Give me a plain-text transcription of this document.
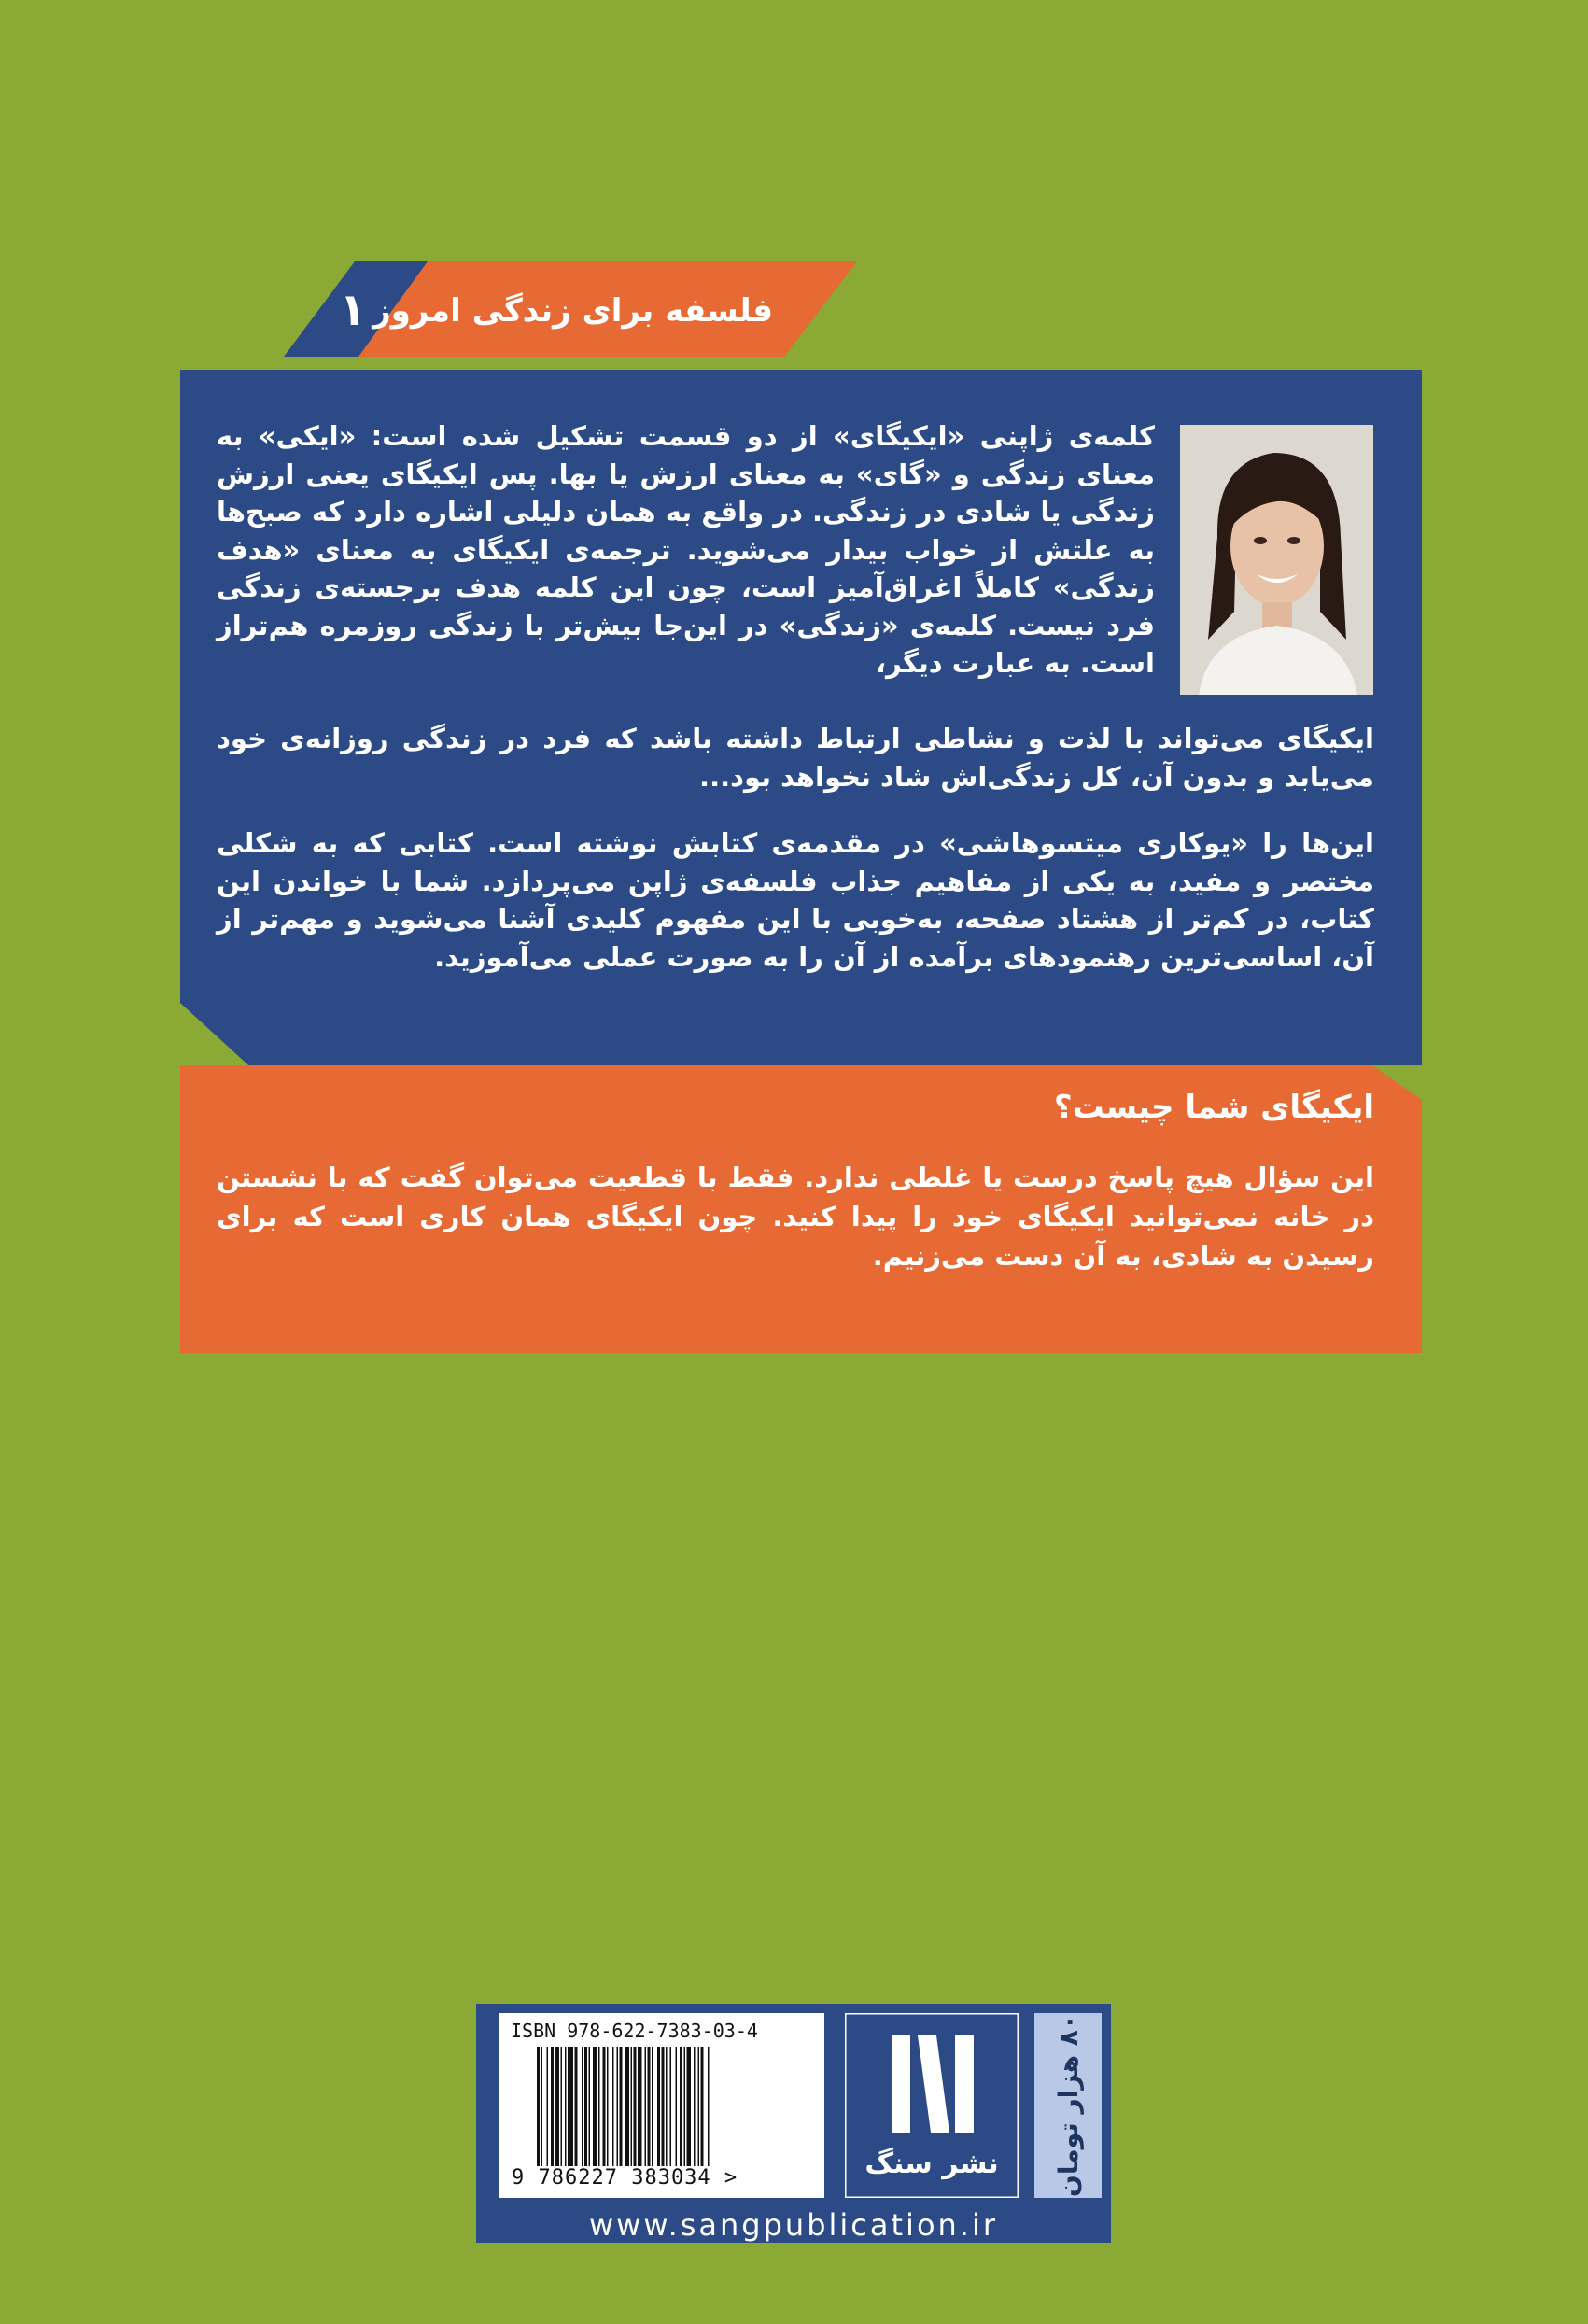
۱ فلسفه برای زندگی امروز
کلمه‌ی ژاپنی «ایکیگای» از دو قسمت تشکیل شده است: «ایکی» به معنای زندگی و «گای» به معنای ارزش یا بها. پس ایکیگای یعنی ارزش زندگی یا شادی در زندگی. در واقع به همان دلیلی اشاره دارد که صبح‌ها به علتش از خواب بیدار می‌شوید. ترجمه‌ی ایکیگای به معنای «هدف زندگی» کاملاً اغراق‌آمیز است، چون این کلمه هدف برجسته‌ی زندگی فرد نیست. کلمه‌ی «زندگی» در این‌جا بیش‌تر با زندگی روزمره هم‌تراز است. به عبارت دیگر،
ایکیگای می‌تواند با لذت و نشاطی ارتباط داشته باشد که فرد در زندگی روزانه‌ی خود می‌یابد و بدون آن، کل زندگی‌اش شاد نخواهد بود...
این‌ها را «یوکاری میتسوهاشی» در مقدمه‌ی کتابش نوشته است. کتابی که به شکلی مختصر و مفید، به یکی از مفاهیم جذاب فلسفه‌ی ژاپن می‌پردازد. شما با خواندن این کتاب، در کم‌تر از هشتاد صفحه، به‌خوبی با این مفهوم کلیدی آشنا می‌شوید و مهم‌تر از آن، اساسی‌ترین رهنمودهای برآمده از آن را به صورت عملی می‌آموزید.
ایکیگای شما چیست؟
این سؤال هیچ پاسخ درست یا غلطی ندارد. فقط با قطعیت می‌توان گفت که با نشستن در خانه نمی‌توانید ایکیگای خود را پیدا کنید. چون ایکیگای همان کاری است که برای رسیدن به شادی، به آن دست می‌زنیم.
ISBN 978-622-7383-03-4
9 786227 383034 >	نشر سنگ	۸۰ هزار تومان
www.sangpublication.ir
